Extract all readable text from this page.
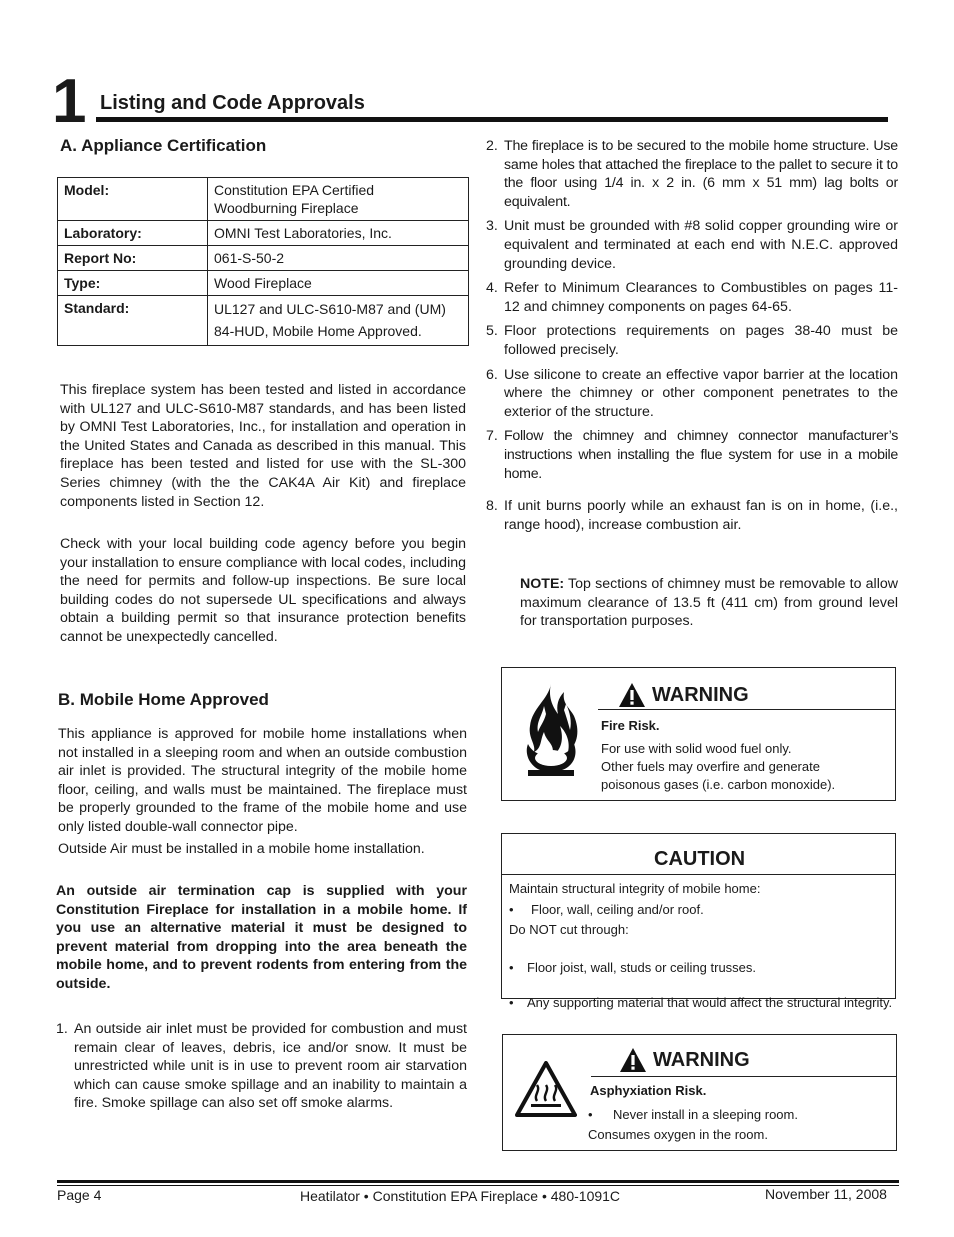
1 Listing and Code Approvals
A. Appliance Certification
Model:	Constitution EPA Certified Woodburning Fireplace
Laboratory:	OMNI Test Laboratories, Inc.
Report No:	061-S-50-2
Type:	Wood Fireplace
Standard:	UL127 and ULC-S610-M87 and (UM) 84-HUD, Mobile Home Approved.
This fireplace system has been tested and listed in accordance with UL127 and ULC-S610-M87 standards, and has been listed by OMNI Test Laboratories, Inc., for installation and operation in the United States and Canada as described in this manual. This fireplace has been tested and listed for use with the SL-300 Series chimney (with the the CAK4A Air Kit) and fireplace components listed in Section 12.
Check with your local building code agency before you begin your installation to ensure compliance with local codes, including the need for permits and follow-up inspections. Be sure local building codes do not supersede UL specifications and always obtain a building permit so that insurance protection benefits cannot be unexpectedly cancelled.
B. Mobile Home Approved
This appliance is approved for mobile home installations when not installed in a sleeping room and when an outside combustion air inlet is provided. The structural integrity of the mobile home floor, ceiling, and walls must be maintained. The fireplace must be properly grounded to the frame of the mobile home and use only listed double-wall connector pipe.
Outside Air must be installed in a mobile home installation.
An outside air termination cap is supplied with your Constitution Fireplace for installation in a mobile home. If you use an alternative material it must be designed to prevent material from dropping into the area beneath the mobile home, and to prevent rodents from entering from the outside.
1. An outside air inlet must be provided for combustion and must remain clear of leaves, debris, ice and/or snow. It must be unrestricted while unit is in use to prevent room air starvation which can cause smoke spillage and an inability to maintain a fire. Smoke spillage can also set off smoke alarms.
2. The fireplace is to be secured to the mobile home structure. Use same holes that attached the fireplace to the pallet to secure it to the floor using 1/4 in. x 2 in. (6 mm x 51 mm) lag bolts or equivalent.
3. Unit must be grounded with #8 solid copper grounding wire or equivalent and terminated at each end with N.E.C. approved grounding device.
4. Refer to Minimum Clearances to Combustibles on pages 11-12 and chimney components on pages 64-65.
5. Floor protections requirements on pages 38-40 must be followed precisely.
6. Use silicone to create an effective vapor barrier at the location where the chimney or other component penetrates to the exterior of the structure.
7. Follow the chimney and chimney connector manufacturer’s instructions when installing the flue system for use in a mobile home.
8. If unit burns poorly while an exhaust fan is on in home, (i.e., range hood), increase combustion air.
NOTE: Top sections of chimney must be removable to allow maximum clearance of 13.5 ft (411 cm) from ground level for transportation purposes.
WARNING
Fire Risk.
For use with solid wood fuel only.
Other fuels may overfire and generate poisonous gases (i.e. carbon monoxide).
CAUTION
Maintain structural integrity of mobile home:
• Floor, wall, ceiling and/or roof.
Do NOT cut through:
• Floor joist, wall, studs or ceiling trusses.
• Any supporting material that would affect the structural integrity.
WARNING
Asphyxiation Risk.
• Never install in a sleeping room.
Consumes oxygen in the room.
Page 4	Heatilator • Constitution EPA Fireplace • 480-1091C	November 11, 2008
